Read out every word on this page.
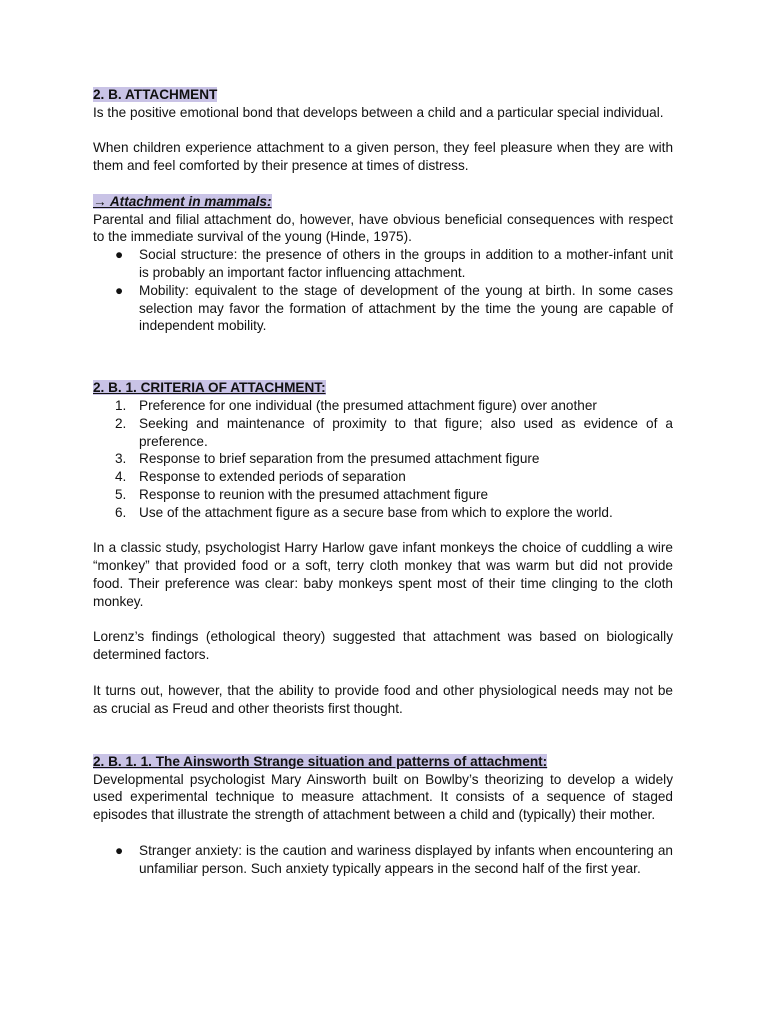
2. B. ATTACHMENT

Is the positive emotional bond that develops between a child and a particular special individual.

When children experience attachment to a given person, they feel pleasure when they are with them and feel comforted by their presence at times of distress.

→ Attachment in mammals:

Parental and filial attachment do, however, have obvious beneficial consequences with respect to the immediate survival of the young (Hinde, 1975).

● Social structure: the presence of others in the groups in addition to a mother-infant unit is probably an important factor influencing attachment.
● Mobility: equivalent to the stage of development of the young at birth. In some cases selection may favor the formation of attachment by the time the young are capable of independent mobility.

2. B. 1. CRITERIA OF ATTACHMENT:

1. Preference for one individual (the presumed attachment figure) over another
2. Seeking and maintenance of proximity to that figure; also used as evidence of a preference.
3. Response to brief separation from the presumed attachment figure
4. Response to extended periods of separation
5. Response to reunion with the presumed attachment figure
6. Use of the attachment figure as a secure base from which to explore the world.

In a classic study, psychologist Harry Harlow gave infant monkeys the choice of cuddling a wire “monkey” that provided food or a soft, terry cloth monkey that was warm but did not provide food. Their preference was clear: baby monkeys spent most of their time clinging to the cloth monkey.

Lorenz’s findings (ethological theory) suggested that attachment was based on biologically determined factors.

It turns out, however, that the ability to provide food and other physiological needs may not be as crucial as Freud and other theorists first thought.

2. B. 1. 1. The Ainsworth Strange situation and patterns of attachment:

Developmental psychologist Mary Ainsworth built on Bowlby’s theorizing to develop a widely used experimental technique to measure attachment. It consists of a sequence of staged episodes that illustrate the strength of attachment between a child and (typically) their mother.

● Stranger anxiety: is the caution and wariness displayed by infants when encountering an unfamiliar person. Such anxiety typically appears in the second half of the first year.
